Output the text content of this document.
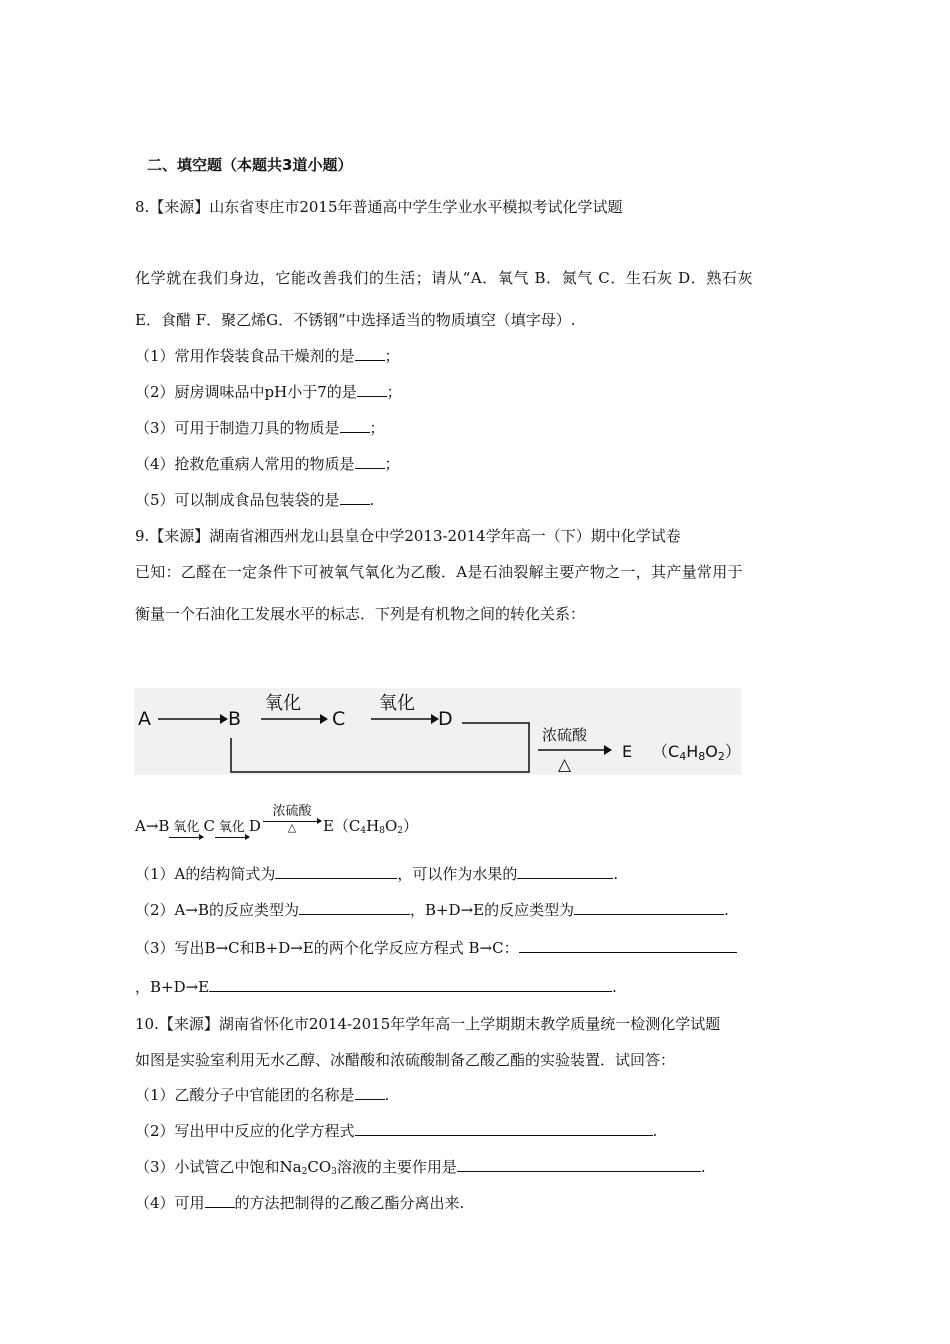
二、填空题（本题共3道小题）
8.【来源】山东省枣庄市2015年普通高中学生学业水平模拟考试化学试题
化学就在我们身边，它能改善我们的生活；请从“A．氧气 B．氮气 C．生石灰 D．熟石灰
E．食醋 F．聚乙烯G．不锈钢”中选择适当的物质填空（填字母）.
（1）常用作袋装食品干燥剂的是 ；
（2）厨房调味品中pH小于7的是 ；
（3）可用于制造刀具的物质是 ；
（4）抢救危重病人常用的物质是 ；
（5）可以制成食品包装袋的是 .
9.【来源】湖南省湘西州龙山县皇仓中学2013-2014学年高一（下）期中化学试卷
已知：乙醛在一定条件下可被氧气氧化为乙酸．A是石油裂解主要产物之一，其产量常用于
衡量一个石油化工发展水平的标志．下列是有机物之间的转化关系：
A	B
氧化
C
氧化
D
浓硫酸
△
E （C4H8O2）
A→B 氧化 C 氧化 D
浓硫酸
△	$E(C_4H_8O_2)$
（1）A的结构简式为	，可以作为水果的	.
（2）A→B的反应类型为	，B+D→E的反应类型为	.
（3）写出B→C和B+D→E的两个化学反应方程式 B→C：
，B+D→E	.
10.【来源】湖南省怀化市2014-2015年学年高一上学期期末教学质量统一检测化学试题
如图是实验室利用无水乙醇、冰醋酸和浓硫酸制备乙酸乙酯的实验装置．试回答：
（1）乙酸分子中官能团的名称是 .
（2）写出甲中反应的化学方程式	.
（3）小试管乙中饱和$Na_2CO_3$溶液的主要作用是	.
（4）可用 的方法把制得的乙酸乙酯分离出来.
